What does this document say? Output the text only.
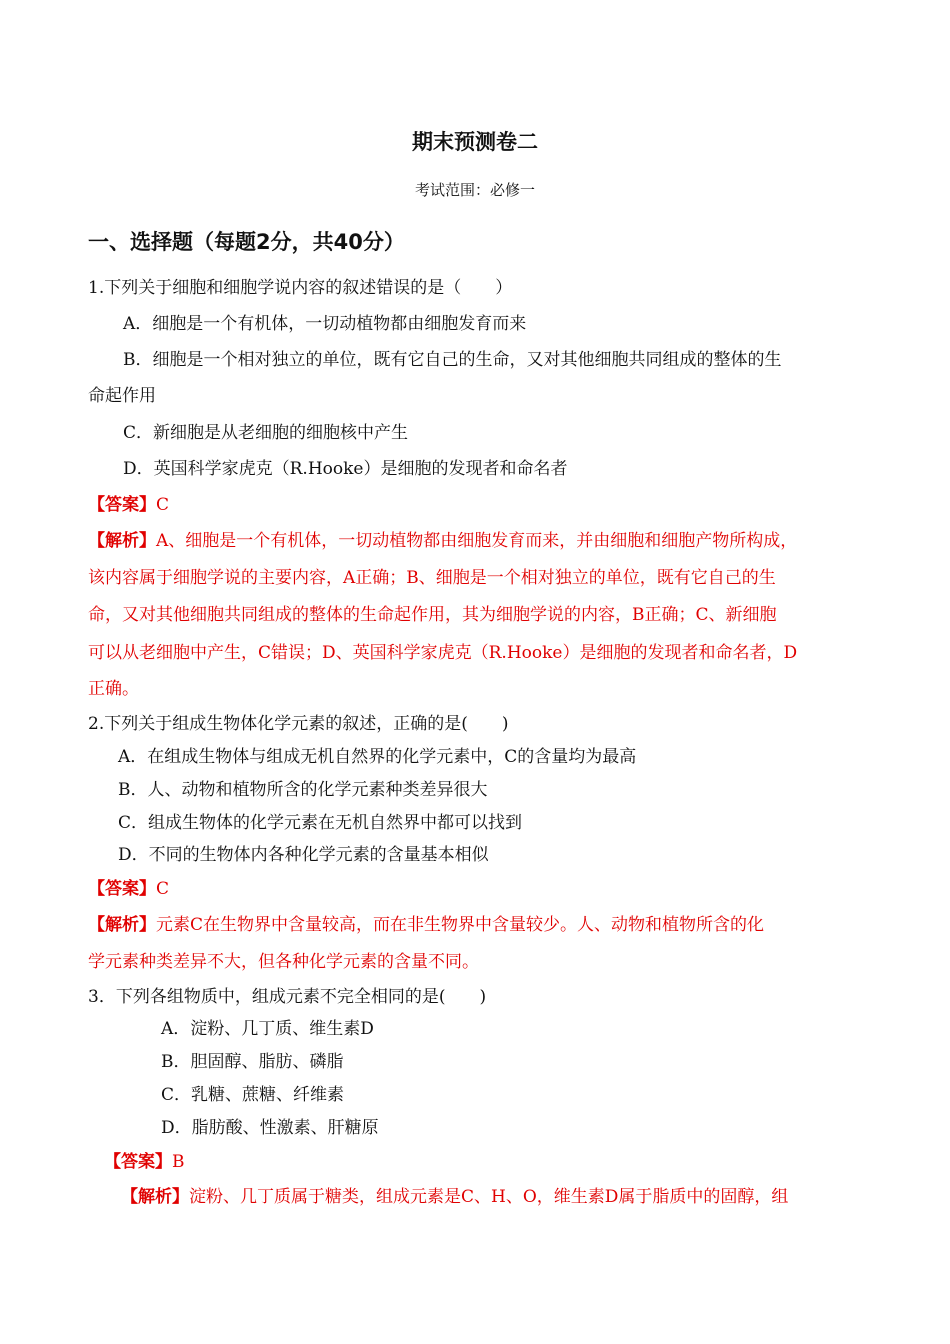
期末预测卷二
考试范围：必修一
一、选择题（每题2分，共40分）
1.下列关于细胞和细胞学说内容的叙述错误的是（　　）
A．细胞是一个有机体，一切动植物都由细胞发育而来
B．细胞是一个相对独立的单位，既有它自己的生命，又对其他细胞共同组成的整体的生
命起作用
C．新细胞是从老细胞的细胞核中产生
D．英国科学家虎克（R.Hooke）是细胞的发现者和命名者
【答案】C
【解析】A、细胞是一个有机体，一切动植物都由细胞发育而来，并由细胞和细胞产物所构成，
该内容属于细胞学说的主要内容，A正确；B、细胞是一个相对独立的单位，既有它自己的生
命，又对其他细胞共同组成的整体的生命起作用，其为细胞学说的内容，B正确；C、新细胞
可以从老细胞中产生，C错误；D、英国科学家虎克（R.Hooke）是细胞的发现者和命名者，D
正确。
2.下列关于组成生物体化学元素的叙述，正确的是(　　)
A．在组成生物体与组成无机自然界的化学元素中，C的含量均为最高
B．人、动物和植物所含的化学元素种类差异很大
C．组成生物体的化学元素在无机自然界中都可以找到
D．不同的生物体内各种化学元素的含量基本相似
【答案】C
【解析】元素C在生物界中含量较高，而在非生物界中含量较少。人、动物和植物所含的化
学元素种类差异不大，但各种化学元素的含量不同。
3．下列各组物质中，组成元素不完全相同的是(　　)
A．淀粉、几丁质、维生素D
B．胆固醇、脂肪、磷脂
C．乳糖、蔗糖、纤维素
D．脂肪酸、性激素、肝糖原
【答案】B
【解析】淀粉、几丁质属于糖类，组成元素是C、H、O，维生素D属于脂质中的固醇，组
